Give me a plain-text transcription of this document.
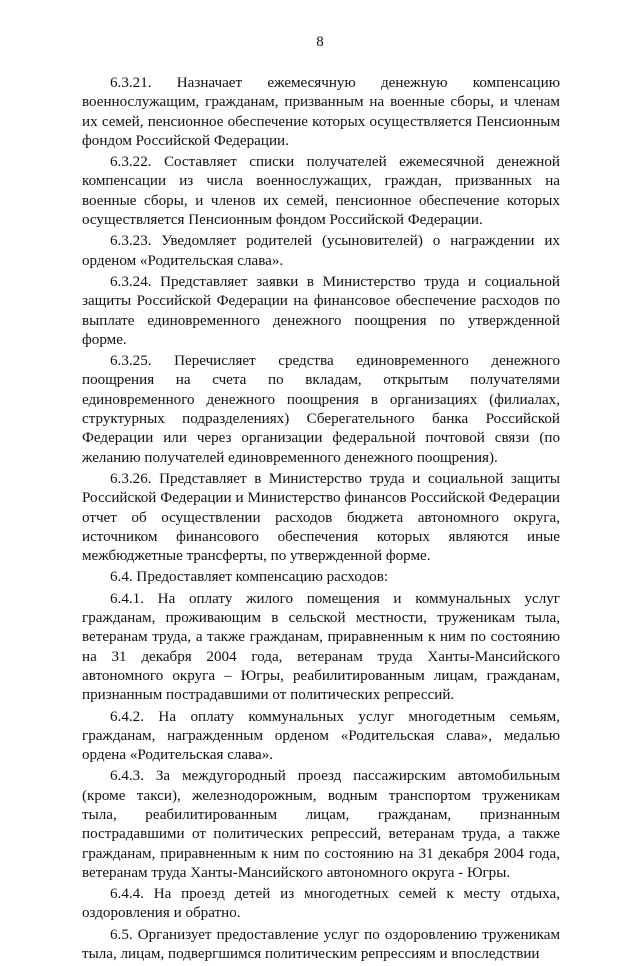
8

6.3.21. Назначает ежемесячную денежную компенсацию военнослужащим, гражданам, призванным на военные сборы, и членам их семей, пенсионное обеспечение которых осуществляется Пенсионным фондом Российской Федерации.

6.3.22. Составляет списки получателей ежемесячной денежной компенсации из числа военнослужащих, граждан, призванных на военные сборы, и членов их семей, пенсионное обеспечение которых осуществляется Пенсионным фондом Российской Федерации.

6.3.23. Уведомляет родителей (усыновителей) о награждении их орденом «Родительская слава».

6.3.24. Представляет заявки в Министерство труда и социальной защиты Российской Федерации на финансовое обеспечение расходов по выплате единовременного денежного поощрения по утвержденной форме.

6.3.25. Перечисляет средства единовременного денежного поощрения на счета по вкладам, открытым получателями единовременного денежного поощрения в организациях (филиалах, структурных подразделениях) Сберегательного банка Российской Федерации или через организации федеральной почтовой связи (по желанию получателей единовременного денежного поощрения).

6.3.26. Представляет в Министерство труда и социальной защиты Российской Федерации и Министерство финансов Российской Федерации отчет об осуществлении расходов бюджета автономного округа, источником финансового обеспечения которых являются иные межбюджетные трансферты, по утвержденной форме.

6.4. Предоставляет компенсацию расходов:

6.4.1. На оплату жилого помещения и коммунальных услуг гражданам, проживающим в сельской местности, труженикам тыла, ветеранам труда, а также гражданам, приравненным к ним по состоянию на 31 декабря 2004 года, ветеранам труда Ханты-Мансийского автономного округа – Югры, реабилитированным лицам, гражданам, признанным пострадавшими от политических репрессий.

6.4.2. На оплату коммунальных услуг многодетным семьям, гражданам, награжденным орденом «Родительская слава», медалью ордена «Родительская слава».

6.4.3. За междугородный проезд пассажирским автомобильным (кроме такси), железнодорожным, водным транспортом труженикам тыла, реабилитированным лицам, гражданам, признанным пострадавшими от политических репрессий, ветеранам труда, а также гражданам, приравненным к ним по состоянию на 31 декабря 2004 года, ветеранам труда Ханты-Мансийского автономного округа - Югры.

6.4.4. На проезд детей из многодетных семей к месту отдыха, оздоровления и обратно.

6.5. Организует предоставление услуг по оздоровлению труженикам тыла, лицам, подвергшимся политическим репрессиям и впоследствии
